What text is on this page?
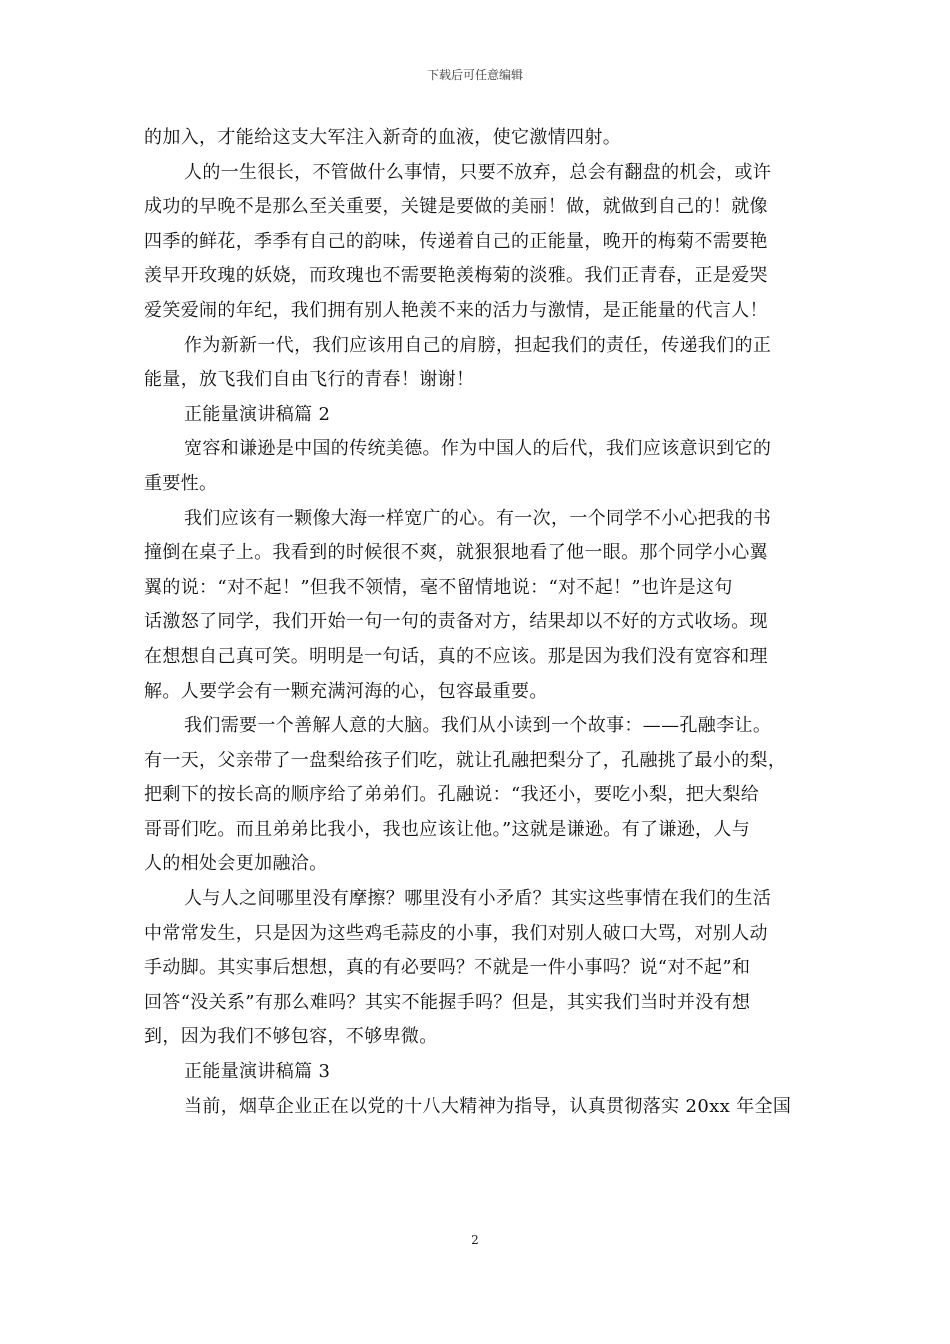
下载后可任意编辑
的加入，才能给这支大军注入新奇的血液，使它激情四射。
人的一生很长，不管做什么事情，只要不放弃，总会有翻盘的机会，或许
成功的早晚不是那么至关重要，关键是要做的美丽！做，就做到自己的！就像
四季的鲜花，季季有自己的韵味，传递着自己的正能量，晚开的梅菊不需要艳
羡早开玫瑰的妖娆，而玫瑰也不需要艳羡梅菊的淡雅。我们正青春，正是爱哭
爱笑爱闹的年纪，我们拥有别人艳羡不来的活力与激情，是正能量的代言人！
作为新新一代，我们应该用自己的肩膀，担起我们的责任，传递我们的正
能量，放飞我们自由飞行的青春！谢谢！
正能量演讲稿篇 2
宽容和谦逊是中国的传统美德。作为中国人的后代，我们应该意识到它的
重要性。
我们应该有一颗像大海一样宽广的心。有一次，一个同学不小心把我的书
撞倒在桌子上。我看到的时候很不爽，就狠狠地看了他一眼。那个同学小心翼
翼的说：“对不起！”但我不领情，毫不留情地说：“对不起！”也许是这句
话激怒了同学，我们开始一句一句的责备对方，结果却以不好的方式收场。现
在想想自己真可笑。明明是一句话，真的不应该。那是因为我们没有宽容和理
解。人要学会有一颗充满河海的心，包容最重要。
我们需要一个善解人意的大脑。我们从小读到一个故事：——孔融李让。
有一天，父亲带了一盘梨给孩子们吃，就让孔融把梨分了，孔融挑了最小的梨，
把剩下的按长高的顺序给了弟弟们。孔融说：“我还小，要吃小梨，把大梨给
哥哥们吃。而且弟弟比我小，我也应该让他。”这就是谦逊。有了谦逊，人与
人的相处会更加融洽。
人与人之间哪里没有摩擦？哪里没有小矛盾？其实这些事情在我们的生活
中常常发生，只是因为这些鸡毛蒜皮的小事，我们对别人破口大骂，对别人动
手动脚。其实事后想想，真的有必要吗？不就是一件小事吗？说“对不起”和
回答“没关系”有那么难吗？其实不能握手吗？但是，其实我们当时并没有想
到，因为我们不够包容，不够卑微。
正能量演讲稿篇 3
当前，烟草企业正在以党的十八大精神为指导，认真贯彻落实 20xx 年全国
2
